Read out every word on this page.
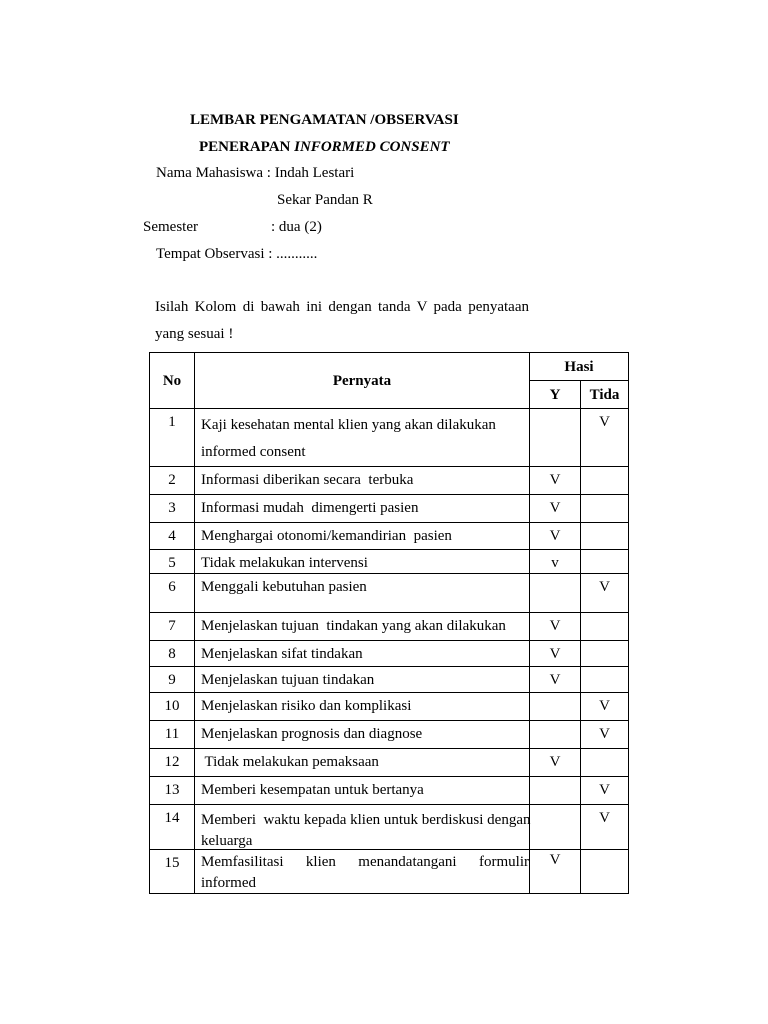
LEMBAR PENGAMATAN /OBSERVASI
PENERAPAN INFORMED CONSENT
Nama Mahasiswa : Indah Lestari
Sekar Pandan R
Semester	: dua (2)
Tempat Observasi : ...........
Isilah Kolom di bawah ini dengan tanda V pada penyataan
yang sesuai !
No	Pernyata	Hasi	
		Y	Tida
1	Kaji kesehatan mental klien yang akan dilakukan
informed consent		V
2	Informasi diberikan secara  terbuka	V	
3	Informasi mudah  dimengerti pasien	V	
4	Menghargai otonomi/kemandirian  pasien	V	
5	Tidak melakukan intervensi	v	
6	Menggali kebutuhan pasien		V
7	Menjelaskan tujuan  tindakan yang akan dilakukan	V	
8	Menjelaskan sifat tindakan	V	
9	Menjelaskan tujuan tindakan	V	
10	Menjelaskan risiko dan komplikasi		V
11	Menjelaskan prognosis dan diagnose		V
12	Tidak melakukan pemaksaan	V	
13	Memberi kesempatan untuk bertanya		V
14	Memberi  waktu kepada klien untuk berdiskusi dengan
keluarga		V
15	Memfasilitasi klien menandatangani formulir
informed	V	
